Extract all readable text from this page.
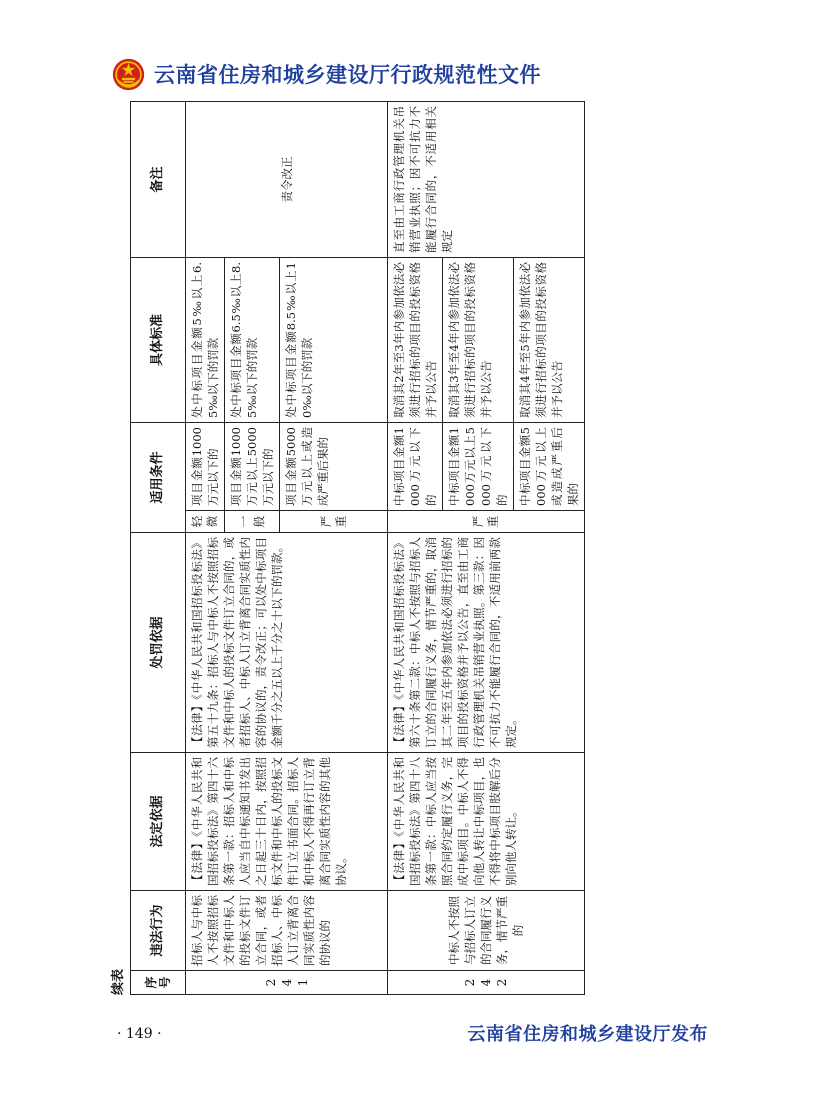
云南省住房和城乡建设厅行政规范性文件
续表	序号	违法行为	法定依据	处罚依据	适用条件		具体标准	备注
241	招标人与中标人不按照招标文件和中标人的投标文件订立合同，或者招标人、中标人订立背离合同实质性内容的协议的	【法律】《中华人民共和国招标投标法》第四十六条第一款：招标人和中标人应当自中标通知书发出之日起三十日内，按照招标文件和中标人的投标文件订立书面合同。招标人和中标人不得再行订立背离合同实质性内容的其他协议。	【法律】《中华人民共和国招标投标法》第五十九条：招标人与中标人不按照招标文件和中标人的投标文件订立合同的，或者招标人、中标人订立背离合同实质性内容的协议的，责令改正；可以处中标项目金额千分之五以上千分之十以下的罚款。	轻微	项目金额1000万元以下的	处中标项目金额5‰以上6.5‰以下的罚款	责令改正
				一般	项目金额1000万元以上5000万元以下的	处中标项目金额6.5‰以上8.5‰以下的罚款	
				严重	项目金额5000万元以上或造成严重后果的	处中标项目金额8.5‰以上10‰以下的罚款	
242	中标人不按照与招标人订立的合同履行义务，情节严重的	【法律】《中华人民共和国招标投标法》第四十八条第一款：中标人应当按照合同约定履行义务，完成中标项目。中标人不得向他人转让中标项目，也不得将中标项目肢解后分别向他人转让。	【法律】《中华人民共和国招标投标法》第六十条第二款：中标人不按照与招标人订立的合同履行义务，情节严重的，取消其二年至五年内参加依法必须进行招标的项目的投标资格并予以公告，直至由工商行政管理机关吊销营业执照。第三款：因不可抗力不能履行合同的，不适用前两款规定。	严重	中标项目金额1000万元以下的	取消其2年至3年内参加依法必须进行招标的项目的投标资格并予以公告	直至由工商行政管理机关吊销营业执照；因不可抗力不能履行合同的，不适用相关规定
					中标项目金额1000万元以上5000万元以下的	取消其3年至4年内参加依法必须进行招标的项目的投标资格并予以公告	
					中标项目金额5000万元以上或造成严重后果的	取消其4年至5年内参加依法必须进行招标的项目的投标资格并予以公告	
· 149 ·	云南省住房和城乡建设厅发布
